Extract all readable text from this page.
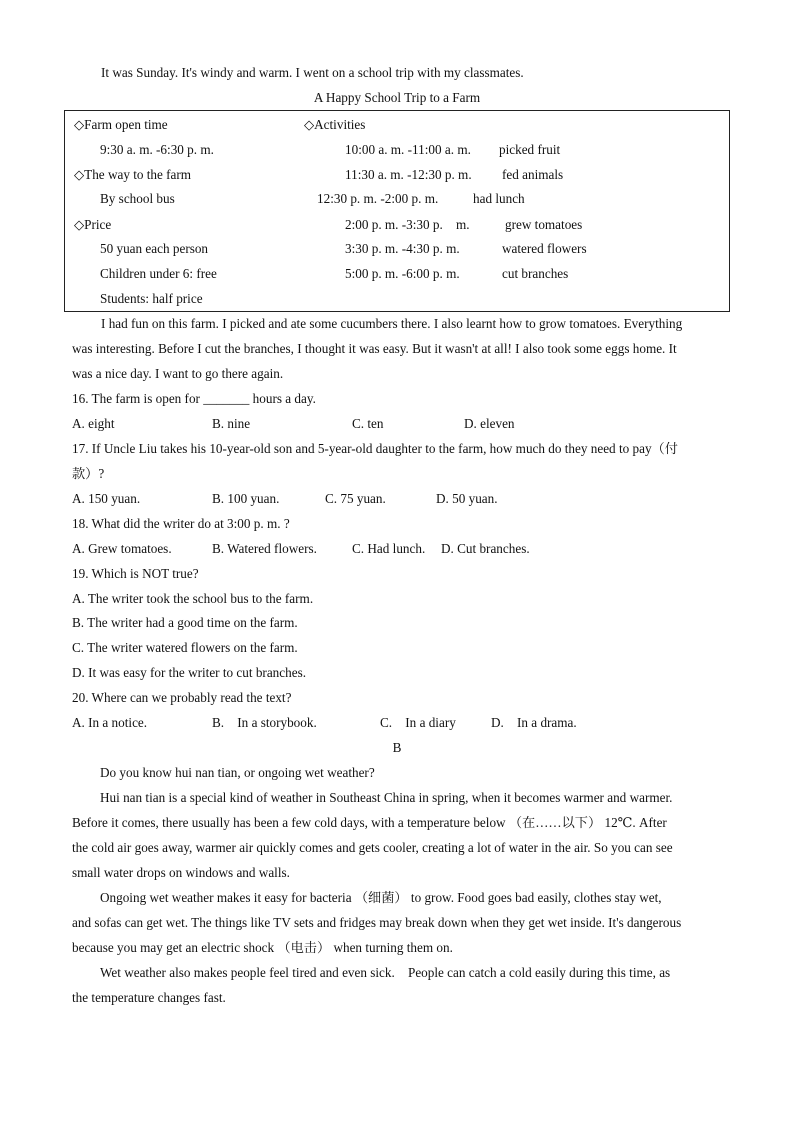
It was Sunday. It's windy and warm. I went on a school trip with my classmates.
A Happy School Trip to a Farm
◇Farm open time	◇Activities
9:30 a. m. -6:30 p. m.	10:00 a. m. -11:00 a. m. picked fruit
◇The way to the farm	11:30 a. m. -12:30 p. m. fed animals
By school bus	12:30 p. m. -2:00 p. m.	had lunch
◇Price	2:00 p. m. -3:30 p.    m.	grew tomatoes
50 yuan each person	3:30 p. m. -4:30 p. m.	watered flowers
Children under 6: free	5:00 p. m. -6:00 p. m.	cut branches
Students: half price
I had fun on this farm. I picked and ate some cucumbers there. I also learnt how to grow tomatoes. Everything
was interesting. Before I cut the branches, I thought it was easy. But it wasn't at all! I also took some eggs home. It
was a nice day. I want to go there again.
16. The farm is open for _______ hours a day.
A. eight	B. nine	C. ten	D. eleven
17. If Uncle Liu takes his 10-year-old son and 5-year-old daughter to the farm, how much do they need to pay（付
款）?
A. 150 yuan.	B. 100 yuan.	C. 75 yuan.	D. 50 yuan.
18. What did the writer do at 3:00 p. m. ?
A. Grew tomatoes.	B. Watered flowers.	C. Had lunch. D. Cut branches.
19. Which is NOT true?
A. The writer took the school bus to the farm.
B. The writer had a good time on the farm.
C. The writer watered flowers on the farm.
D. It was easy for the writer to cut branches.
20. Where can we probably read the text?
A. In a notice.	B.    In a storybook.	C.    In a diary	D.    In a drama.
B
Do you know hui nan tian, or ongoing wet weather?
Hui nan tian is a special kind of weather in Southeast China in spring, when it becomes warmer and warmer.
Before it comes, there usually has been a few cold days, with a temperature below （在……以下） 12℃. After
the cold air goes away, warmer air quickly comes and gets cooler, creating a lot of water in the air. So you can see
small water drops on windows and walls.
Ongoing wet weather makes it easy for bacteria （细菌） to grow. Food goes bad easily, clothes stay wet,
and sofas can get wet. The things like TV sets and fridges may break down when they get wet inside. It's dangerous
because you may get an electric shock （电击） when turning them on.
Wet weather also makes people feel tired and even sick.    People can catch a cold easily during this time, as
the temperature changes fast.
